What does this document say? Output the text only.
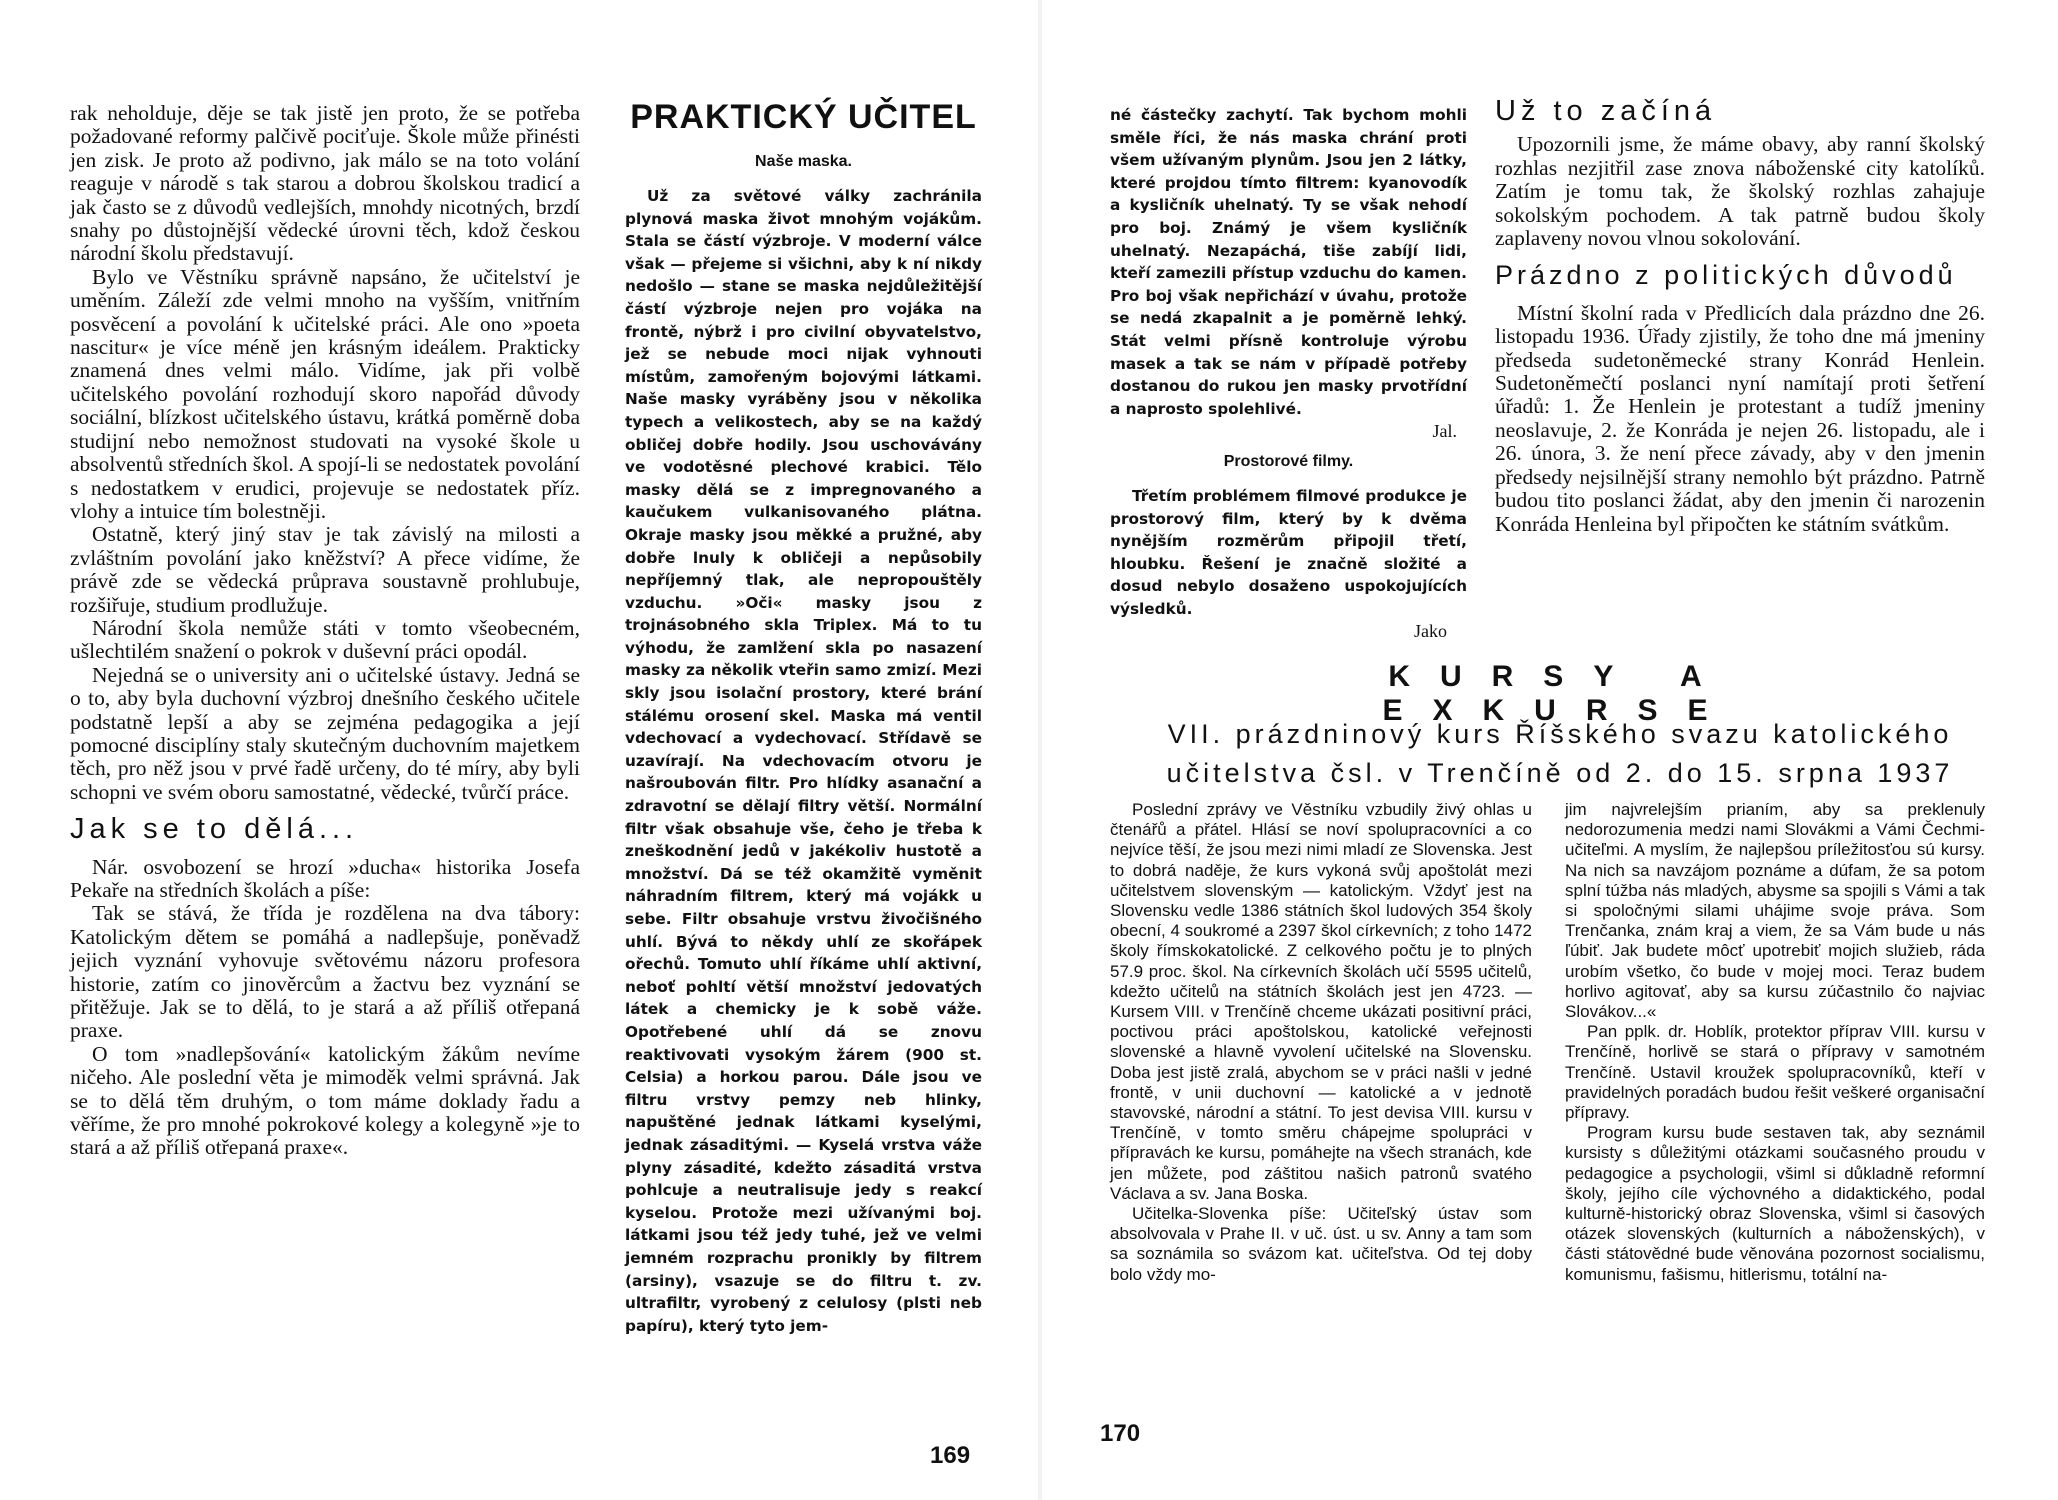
rak neholduje, děje se tak jistě jen proto, že se potřeba požadované reformy palčivě pociťuje. Škole může přinésti jen zisk. Je proto až podivno, jak málo se na toto volání reaguje v národě s tak starou a dobrou školskou tradicí a jak často se z důvodů vedlejších, mnohdy nicotných, brzdí snahy po důstojnější vědecké úrovni těch, kdož českou národní školu představují.

Bylo ve Věstníku správně napsáno, že učitelství je uměním. Záleží zde velmi mnoho na vyšším, vnitřním posvěcení a povolání k učitelské práci. Ale ono »poeta nascitur« je více méně jen krásným ideálem. Prakticky znamená dnes velmi málo. Vidíme, jak při volbě učitelského povolání rozhodují skoro napořád důvody sociální, blízkost učitelského ústavu, krátká poměrně doba studijní nebo nemožnost studovati na vysoké škole u absolventů středních škol. A spojí-li se nedostatek povolání s nedostatkem v erudici, projevuje se nedostatek příz. vlohy a intuice tím bolestněji.

Ostatně, který jiný stav je tak závislý na milosti a zvláštním povolání jako kněžství? A přece vidíme, že právě zde se vědecká průprava soustavně prohlubuje, rozšiřuje, studium prodlužuje.

Národní škola nemůže státi v tomto všeobecném, ušlechtilém snažení o pokrok v duševní práci opodál.

Nejedná se o university ani o učitelské ústavy. Jedná se o to, aby byla duchovní výzbroj dnešního českého učitele podstatně lepší a aby se zejména pedagogika a její pomocné disciplíny staly skutečným duchovním majetkem těch, pro něž jsou v prvé řadě určeny, do té míry, aby byli schopni ve svém oboru samostatné, vědecké, tvůrčí práce.

Jak se to dělá...

Nár. osvobození se hrozí »ducha« historika Josefa Pekaře na středních školách a píše:

Tak se stává, že třída je rozdělena na dva tábory: Katolickým dětem se pomáhá a nadlepšuje, poněvadž jejich vyznání vyhovuje světovému názoru profesora historie, zatím co jinověrcům a žactvu bez vyznání se přitěžuje. Jak se to dělá, to je stará a až příliš otřepaná praxe.

O tom »nadlepšování« katolickým žákům nevíme ničeho. Ale poslední věta je mimoděk velmi správná. Jak se to dělá těm druhým, o tom máme doklady řadu a věříme, že pro mnohé pokrokové kolegy a kolegyně »je to stará a až příliš otřepaná praxe«.

PRAKTICKÝ UČITEL
Naše maska.

Už za světové války zachránila plynová maska život mnohým vojákům. Stala se částí výzbroje. V moderní válce však — přejeme si všichni, aby k ní nikdy nedošlo — stane se maska nejdůležitější částí výzbroje nejen pro vojáka na frontě, nýbrž i pro civilní obyvatelstvo, jež se nebude moci nijak vyhnouti místům, zamořeným bojovými látkami. Naše masky vyráběny jsou v několika typech a velikostech, aby se na každý obličej dobře hodily. Jsou uschovávány ve vodotěsné plechové krabici. Tělo masky dělá se z impregnovaného a kaučukem vulkanisovaného plátna. Okraje masky jsou měkké a pružné, aby dobře lnuly k obličeji a nepůsobily nepříjemný tlak, ale nepropouštěly vzduchu. »Oči« masky jsou z trojnásobného skla Triplex. Má to tu výhodu, že zamlžení skla po nasazení masky za několik vteřin samo zmizí. Mezi skly jsou isolační prostory, které brání stálému orosení skel. Maska má ventil vdechovací a vydechovací. Střídavě se uzavírají. Na vdechovacím otvoru je našroubován filtr. Pro hlídky asanační a zdravotní se dělají filtry větší. Normální filtr však obsahuje vše, čeho je třeba k zneškodnění jedů v jakékoliv hustotě a množství. Dá se též okamžitě vyměnit náhradním filtrem, který má vojákk u sebe. Filtr obsahuje vrstvu živočišného uhlí. Bývá to někdy uhlí ze skořápek ořechů. Tomuto uhlí říkáme uhlí aktivní, neboť pohltí větší množství jedovatých látek a chemicky je k sobě váže. Opotřebené uhlí dá se znovu reaktivovati vysokým žárem (900 st. Celsia) a horkou parou. Dále jsou ve filtru vrstvy pemzy neb hlinky, napuštěné jednak látkami kyselými, jednak zásaditými. — Kyselá vrstva váže plyny zásadité, kdežto zásaditá vrstva pohlcuje a neutralisuje jedy s reakcí kyselou. Protože mezi užívanými boj. látkami jsou též jedy tuhé, jež ve velmi jemném rozprachu pronikly by filtrem (arsiny), vsazuje se do filtru t. zv. ultrafiltr, vyrobený z celulosy (plsti neb papíru), který tyto jem-

169

né částečky zachytí. Tak bychom mohli směle říci, že nás maska chrání proti všem užívaným plynům. Jsou jen 2 látky, které projdou tímto filtrem: kyanovodík a kysličník uhelnatý. Ty se však nehodí pro boj. Známý je všem kysličník uhelnatý. Nezapáchá, tiše zabíjí lidi, kteří zamezili přístup vzduchu do kamen. Pro boj však nepřichází v úvahu, protože se nedá zkapalnit a je poměrně lehký. Stát velmi přísně kontroluje výrobu masek a tak se nám v případě potřeby dostanou do rukou jen masky prvotřídní a naprosto spolehlivé.

Jal.
Prostorové filmy.

Třetím problémem filmové produkce je prostorový film, který by k dvěma nynějším rozměrům připojil třetí, hloubku. Řešení je značně složité a dosud nebylo dosaženo uspokojujících výsledků.

Jako
Už to začíná

Upozornili jsme, že máme obavy, aby ranní školský rozhlas nezjitřil zase znova náboženské city katolíků. Zatím je tomu tak, že školský rozhlas zahajuje sokolským pochodem. A tak patrně budou školy zaplaveny novou vlnou sokolování.

Prázdno z politických důvodů

Místní školní rada v Předlicích dala prázdno dne 26. listopadu 1936. Úřady zjistily, že toho dne má jmeniny předseda sudetoněmecké strany Konrád Henlein. Sudetoněmečtí poslanci nyní namítají proti šetření úřadů: 1. Že Henlein je protestant a tudíž jmeniny neoslavuje, 2. že Konráda je nejen 26. listopadu, ale i 26. února, 3. že není přece závady, aby v den jmenin předsedy nejsilnější strany nemohlo být prázdno. Patrně budou tito poslanci žádat, aby den jmenin či narozenin Konráda Henleina byl připočten ke státním svátkům.

KURSY A EXKURSE
VII. prázdninový kurs Říšského svazu katolického
učitelstva čsl. v Trenčíně od 2. do 15. srpna 1937

Poslední zprávy ve Věstníku vzbudily živý ohlas u čtenářů a přátel. Hlásí se noví spolupracovníci a co nejvíce těší, že jsou mezi nimi mladí ze Slovenska. Jest to dobrá naděje, že kurs vykoná svůj apoštolát mezi učitelstvem slovenským — katolickým. Vždyť jest na Slovensku vedle 1386 státních škol ludových 354 školy obecní, 4 soukromé a 2397 škol církevních; z toho 1472 školy římskokatolické. Z celkového počtu je to plných 57.9 proc. škol. Na církevních školách učí 5595 učitelů, kdežto učitelů na státních školách jest jen 4723. — Kursem VIII. v Trenčíně chceme ukázati positivní práci, poctivou práci apoštolskou, katolické veřejnosti slovenské a hlavně vyvolení učitelské na Slovensku. Doba jest jistě zralá, abychom se v práci našli v jedné frontě, v unii duchovní — katolické a v jednotě stavovské, národní a státní. To jest devisa VIII. kursu v Trenčíně, v tomto směru chápejme spolupráci v přípravách ke kursu, pomáhejte na všech stranách, kde jen můžete, pod záštitou našich patronů svatého Václava a sv. Jana Boska.

Učitelka-Slovenka píše: Učiteľský ústav som absolvovala v Prahe II. v uč. úst. u sv. Anny a tam som sa soznámila so svázom kat. učiteľstva. Od tej doby bolo vždy mo-

jim najvrelejším prianím, aby sa preklenuly nedorozumenia medzi nami Slovákmi a Vámi Čechmi-učiteľmi. A myslím, že najlepšou príležitosťou sú kursy. Na nich sa navzájom poznáme a dúfam, že sa potom splní túžba nás mladých, abysme sa spojili s Vámi a tak si spoločnými silami uhájime svoje práva. Som Trenčanka, znám kraj a viem, že sa Vám bude u nás ľúbiť. Jak budete môcť upotrebiť mojich služieb, ráda urobím všetko, čo bude v mojej moci. Teraz budem horlivo agitovať, aby sa kursu zúčastnilo čo najviac Slovákov...«

Pan pplk. dr. Hoblík, protektor příprav VIII. kursu v Trenčíně, horlivě se stará o přípravy v samotném Trenčíně. Ustavil kroužek spolupracovníků, kteří v pravidelných poradách budou řešit veškeré organisační přípravy.

Program kursu bude sestaven tak, aby seznámil kursisty s důležitými otázkami současného proudu v pedagogice a psychologii, všiml si důkladně reformní školy, jejího cíle výchovného a didaktického, podal kulturně-historický obraz Slovenska, všiml si časových otázek slovenských (kulturních a náboženských), v části státovědné bude věnována pozornost socialismu, komunismu, fašismu, hitlerismu, totální na-

170
